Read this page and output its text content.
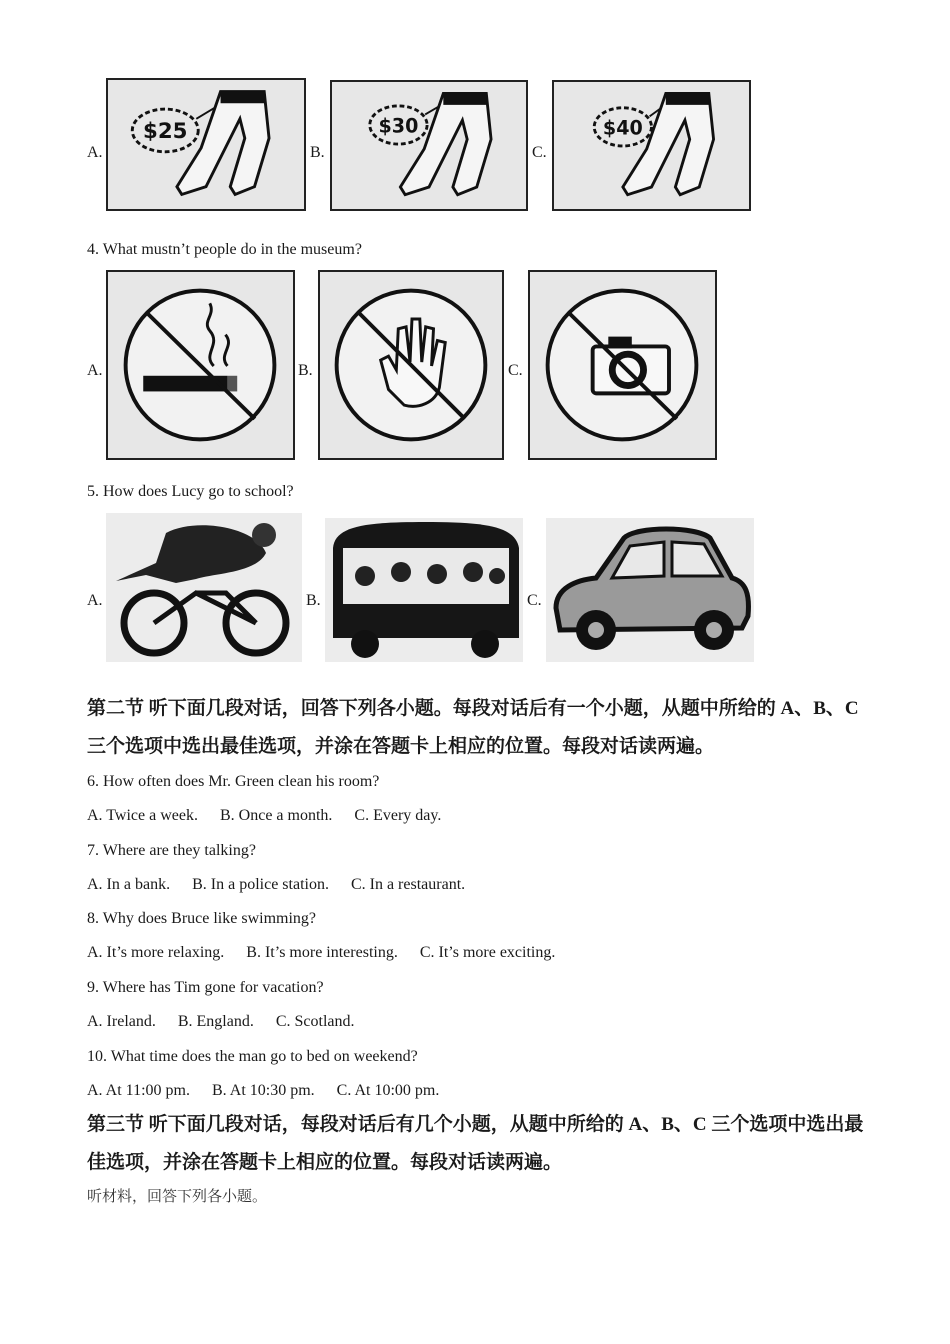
A.
$25
B.
$30
C.
$40
4. What mustn’t people do in the museum?
A.	B.	C.
5. How does Lucy go to school?
A.	B.	C.
第二节 听下面几段对话，回答下列各小题。每段对话后有一个小题，从题中所给的 A、B、C 三个选项中选出最佳选项，并涂在答题卡上相应的位置。每段对话读两遍。
6. How often does Mr. Green clean his room?
A. Twice a week. B. Once a month. C. Every day.
7. Where are they talking?
A. In a bank. B. In a police station. C. In a restaurant.
8. Why does Bruce like swimming?
A. It’s more relaxing. B. It’s more interesting. C. It’s more exciting.
9. Where has Tim gone for vacation?
A. Ireland. B. England. C. Scotland.
10. What time does the man go to bed on weekend?
A. At 11:00 pm. B. At 10:30 pm. C. At 10:00 pm.
第三节 听下面几段对话，每段对话后有几个小题，从题中所给的 A、B、C 三个选项中选出最佳选项，并涂在答题卡上相应的位置。每段对话读两遍。
听材料，回答下列各小题。
